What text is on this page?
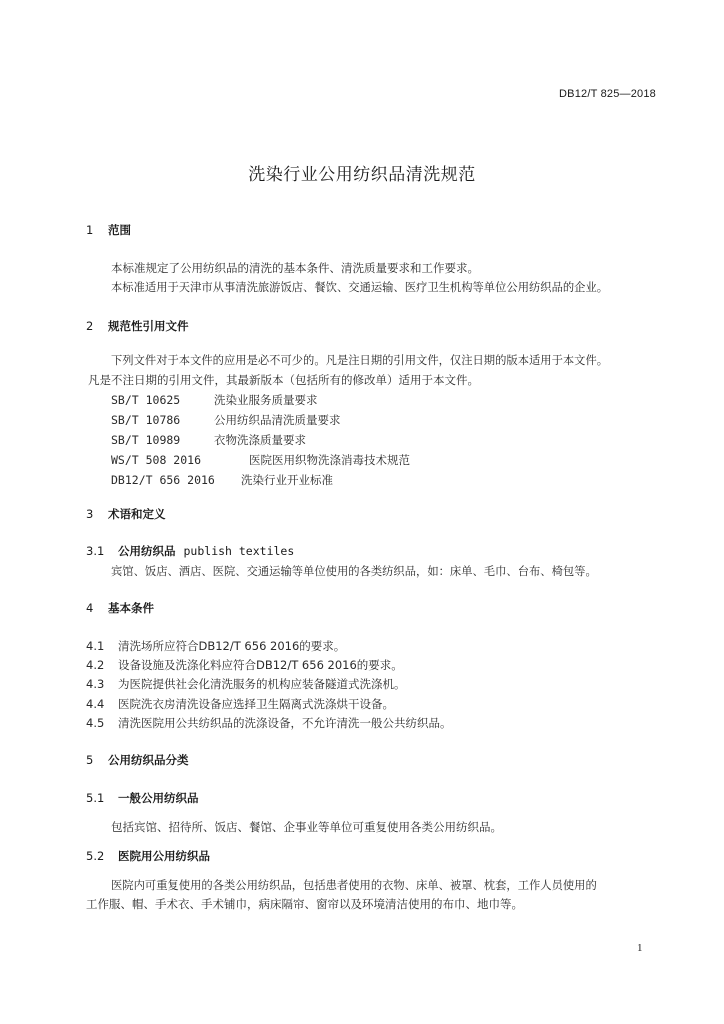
DB12/T 825—2018
洗染行业公用纺织品清洗规范
1 范围
本标准规定了公用纺织品的清洗的基本条件、清洗质量要求和工作要求。
本标准适用于天津市从事清洗旅游饭店、餐饮、交通运输、医疗卫生机构等单位公用纺织品的企业。
2 规范性引用文件
下列文件对于本文件的应用是必不可少的。凡是注日期的引用文件，仅注日期的版本适用于本文件。
凡是不注日期的引用文件，其最新版本（包括所有的修改单）适用于本文件。
SB/T 10625	洗染业服务质量要求
SB/T 10786	公用纺织品清洗质量要求
SB/T 10989	衣物洗涤质量要求
WS/T 508 2016	医院医用织物洗涤消毒技术规范
DB12/T 656 2016 洗染行业开业标准
3 术语和定义
3.1 公用纺织品 publish textiles
宾馆、饭店、酒店、医院、交通运输等单位使用的各类纺织品，如：床单、毛巾、台布、椅包等。
4 基本条件
4.1 清洗场所应符合DB12/T 656 2016的要求。
4.2 设备设施及洗涤化料应符合DB12/T 656 2016的要求。
4.3 为医院提供社会化清洗服务的机构应装备隧道式洗涤机。
4.4 医院洗衣房清洗设备应选择卫生隔离式洗涤烘干设备。
4.5 清洗医院用公共纺织品的洗涤设备，不允许清洗一般公共纺织品。
5 公用纺织品分类
5.1 一般公用纺织品
包括宾馆、招待所、饭店、餐馆、企事业等单位可重复使用各类公用纺织品。
5.2 医院用公用纺织品
医院内可重复使用的各类公用纺织品，包括患者使用的衣物、床单、被罩、枕套，工作人员使用的
工作服、帽、手术衣、手术铺巾，病床隔帘、窗帘以及环境清洁使用的布巾、地巾等。
1
